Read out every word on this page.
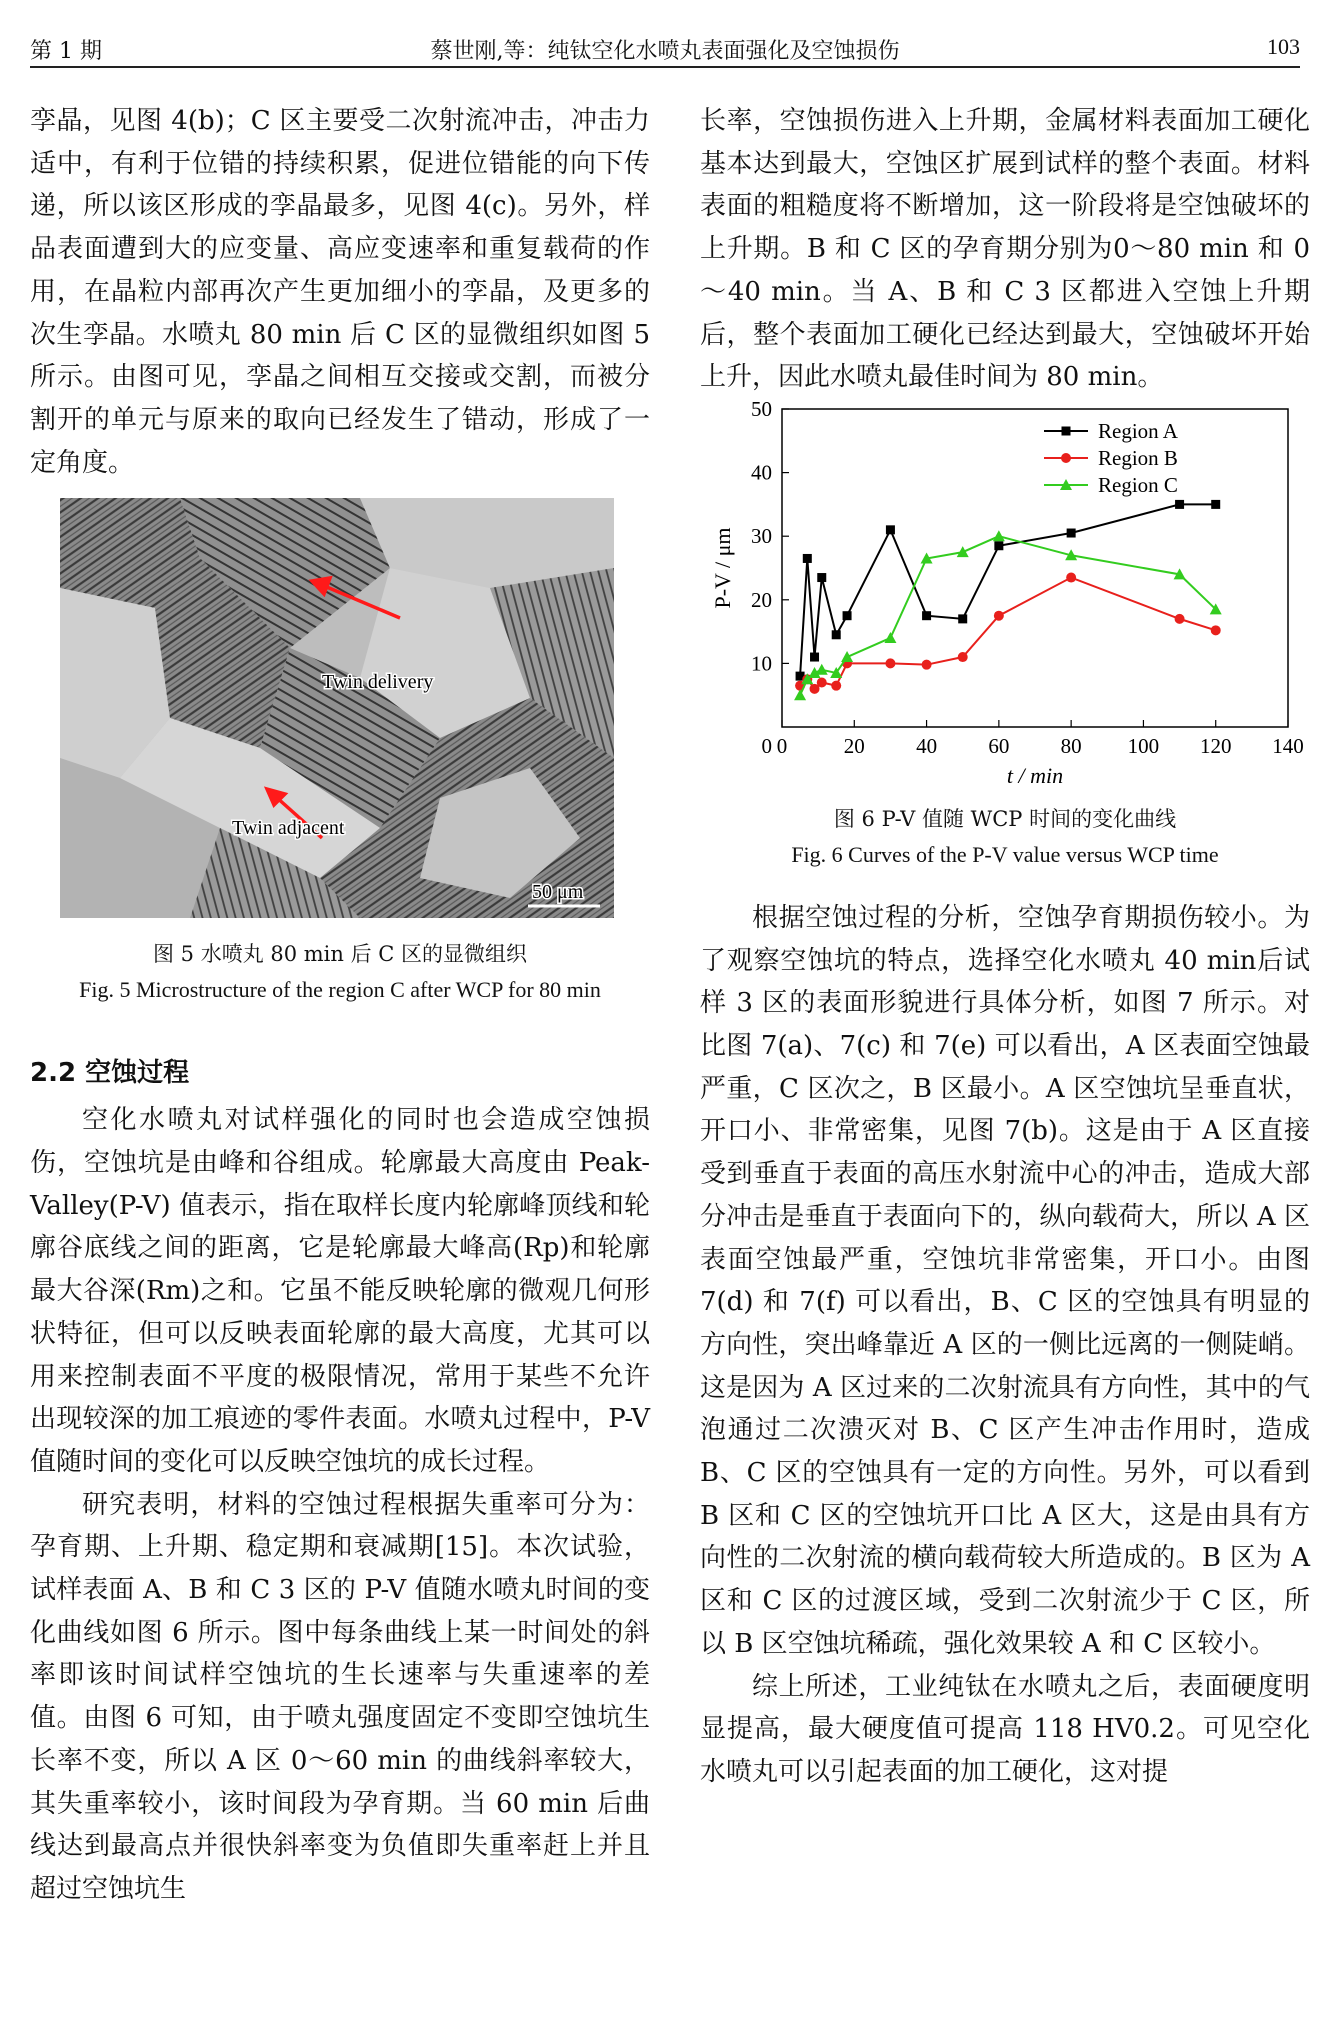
第 1 期	蔡世刚,等：纯钛空化水喷丸表面强化及空蚀损伤	103

孪晶，见图 4(b)；C 区主要受二次射流冲击，冲击力适中，有利于位错的持续积累，促进位错能的向下传递，所以该区形成的孪晶最多，见图 4(c)。另外，样品表面遭到大的应变量、高应变速率和重复载荷的作用，在晶粒内部再次产生更加细小的孪晶，及更多的次生孪晶。水喷丸 80 min 后 C 区的显微组织如图 5 所示。由图可见，孪晶之间相互交接或交割，而被分割开的单元与原来的取向已经发生了错动，形成了一定角度。

Twin delivery
Twin adjacent
50 μm
图 5 水喷丸 80 min 后 C 区的显微组织
Fig. 5 Microstructure of the region C after WCP for 80 min
2.2 空蚀过程

空化水喷丸对试样强化的同时也会造成空蚀损伤，空蚀坑是由峰和谷组成。轮廓最大高度由 Peak-Valley(P-V) 值表示，指在取样长度内轮廓峰顶线和轮廓谷底线之间的距离，它是轮廓最大峰高(Rp)和轮廓最大谷深(Rm)之和。它虽不能反映轮廓的微观几何形状特征，但可以反映表面轮廓的最大高度，尤其可以用来控制表面不平度的极限情况，常用于某些不允许出现较深的加工痕迹的零件表面。水喷丸过程中，P-V 值随时间的变化可以反映空蚀坑的成长过程。

研究表明，材料的空蚀过程根据失重率可分为：孕育期、上升期、稳定期和衰减期[15]。本次试验，试样表面 A、B 和 C 3 区的 P-V 值随水喷丸时间的变化曲线如图 6 所示。图中每条曲线上某一时间处的斜率即该时间试样空蚀坑的生长速率与失重速率的差值。由图 6 可知，由于喷丸强度固定不变即空蚀坑生长率不变，所以 A 区 0～60 min 的曲线斜率较大，其失重率较小，该时间段为孕育期。当 60 min 后曲线达到最高点并很快斜率变为负值即失重率赶上并且超过空蚀坑生

长率，空蚀损伤进入上升期，金属材料表面加工硬化基本达到最大，空蚀区扩展到试样的整个表面。材料表面的粗糙度将不断增加，这一阶段将是空蚀破坏的上升期。B 和 C 区的孕育期分别为0～80 min 和 0～40 min。当 A、B 和 C 3 区都进入空蚀上升期后，整个表面加工硬化已经达到最大，空蚀破坏开始上升，因此水喷丸最佳时间为 80 min。

0	20 40 60 80 100 120 140
10
20
30
40
50
0
Region A
Region B
Region C
t / min
P-V / μm
图 6 P-V 值随 WCP 时间的变化曲线
Fig. 6 Curves of the P-V value versus WCP time

根据空蚀过程的分析，空蚀孕育期损伤较小。为了观察空蚀坑的特点，选择空化水喷丸 40 min后试样 3 区的表面形貌进行具体分析，如图 7 所示。对比图 7(a)、7(c) 和 7(e) 可以看出，A 区表面空蚀最严重，C 区次之，B 区最小。A 区空蚀坑呈垂直状，开口小、非常密集，见图 7(b)。这是由于 A 区直接受到垂直于表面的高压水射流中心的冲击，造成大部分冲击是垂直于表面向下的，纵向载荷大，所以 A 区表面空蚀最严重，空蚀坑非常密集，开口小。由图 7(d) 和 7(f) 可以看出，B、C 区的空蚀具有明显的方向性，突出峰靠近 A 区的一侧比远离的一侧陡峭。这是因为 A 区过来的二次射流具有方向性，其中的气泡通过二次溃灭对 B、C 区产生冲击作用时，造成 B、C 区的空蚀具有一定的方向性。另外，可以看到 B 区和 C 区的空蚀坑开口比 A 区大，这是由具有方向性的二次射流的横向载荷较大所造成的。B 区为 A 区和 C 区的过渡区域，受到二次射流少于 C 区，所以 B 区空蚀坑稀疏，强化效果较 A 和 C 区较小。

综上所述，工业纯钛在水喷丸之后，表面硬度明显提高，最大硬度值可提高 118 HV0.2。可见空化水喷丸可以引起表面的加工硬化，这对提
